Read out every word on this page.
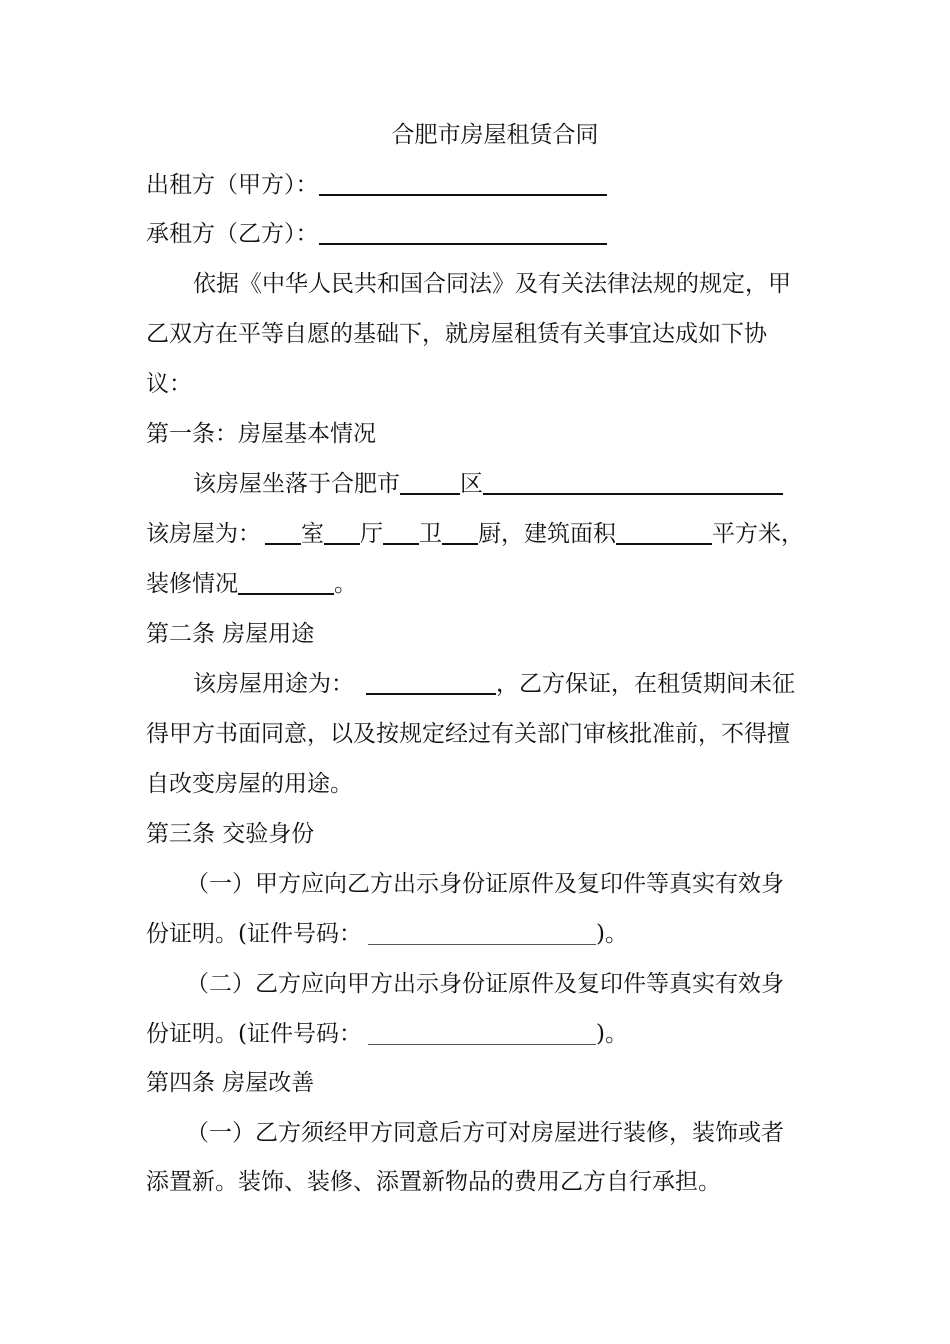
合肥市房屋租赁合同
出租方（甲方）：
承租方（乙方）：
依据《中华人民共和国合同法》及有关法律法规的规定，甲
乙双方在平等自愿的基础下，就房屋租赁有关事宜达成如下协
议：
第一条：房屋基本情况
该房屋坐落于合肥市	区
该房屋为： 室 厅 卫 厨，建筑面积	平方米，
装修情况	。
第二条 房屋用途
该房屋用途为：	，乙方保证，在租赁期间未征
得甲方书面同意，以及按规定经过有关部门审核批准前，不得擅
自改变房屋的用途。
第三条 交验身份
（一）甲方应向乙方出示身份证原件及复印件等真实有效身
份证明。(证件号码：	)。
（二）乙方应向甲方出示身份证原件及复印件等真实有效身
份证明。(证件号码：	)。
第四条 房屋改善
（一）乙方须经甲方同意后方可对房屋进行装修，装饰或者
添置新。装饰、装修、添置新物品的费用乙方自行承担。
